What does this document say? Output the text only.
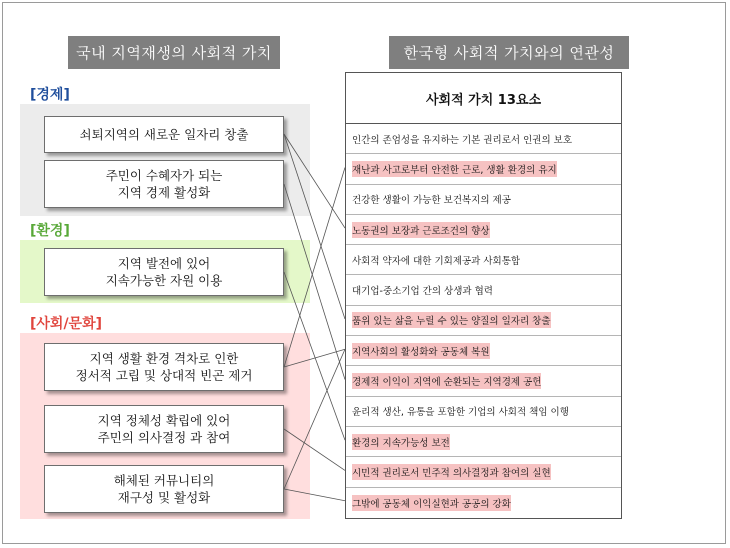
국내 지역재생의 사회적 가치	한국형 사회적 가치와의 연관성
[경제]
[환경]
[사회/문화]
쇠퇴지역의 새로운 일자리 창출
주민이 수혜자가 되는
지역 경제 활성화
지역 발전에 있어
지속가능한 자원 이용
지역 생활 환경 격차로 인한
정서적 고립 및 상대적 빈곤 제거
지역 정체성 확립에 있어
주민의 의사결정 과 참여
해체된 커뮤니티의
재구성 및 활성화
사회적 가치 13요소
인간의 존엄성을 유지하는 기본 권리로서 인권의 보호
재난과 사고로부터 안전한 근로, 생활 환경의 유지
건강한 생활이 가능한 보건복지의 제공
노동권의 보장과 근로조건의 향상
사회적 약자에 대한 기회제공과 사회통합
대기업-중소기업 간의 상생과 협력
품위 있는 삶을 누릴 수 있는 양질의 일자리 창출
지역사회의 활성화와 공동체 복원
경제적 이익이 지역에 순환되는 지역경제 공헌
윤리적 생산, 유통을 포함한 기업의 사회적 책임 이행
환경의 지속가능성 보전
시민적 권리로서 민주적 의사결정과 참여의 실현
그밖에 공동체 이익실현과 공공의 강화
